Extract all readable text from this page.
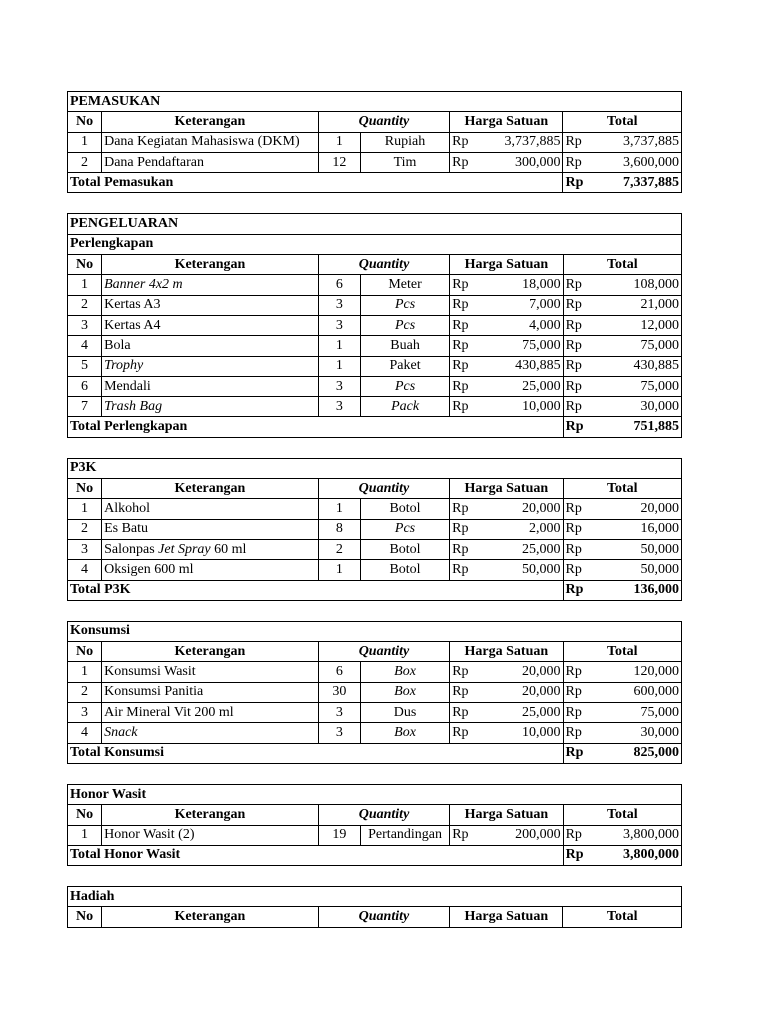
PEMASUKAN							
No	Keterangan	Quantity		Harga Satuan		Total	
1	Dana Kegiatan Mahasiswa (DKM)	1	Rupiah	Rp	3,737,885	Rp	3,737,885
2	Dana Pendaftaran	12	Tim	Rp	300,000	Rp	3,600,000
Total Pemasukan						Rp	7,337,885
PENGELUARAN							
Perlengkapan							
No	Keterangan	Quantity		Harga Satuan		Total	
1	Banner 4x2 m	6	Meter	Rp	18,000	Rp	108,000
2	Kertas A3	3	Pcs	Rp	7,000	Rp	21,000
3	Kertas A4	3	Pcs	Rp	4,000	Rp	12,000
4	Bola	1	Buah	Rp	75,000	Rp	75,000
5	Trophy	1	Paket	Rp	430,885	Rp	430,885
6	Mendali	3	Pcs	Rp	25,000	Rp	75,000
7	Trash Bag	3	Pack	Rp	10,000	Rp	30,000
Total Perlengkapan						Rp	751,885
P3K							
No	Keterangan	Quantity		Harga Satuan		Total	
1	Alkohol	1	Botol	Rp	20,000	Rp	20,000
2	Es Batu	8	Pcs	Rp	2,000	Rp	16,000
3	Salonpas Jet Spray 60 ml	2	Botol	Rp	25,000	Rp	50,000
4	Oksigen 600 ml	1	Botol	Rp	50,000	Rp	50,000
Total P3K						Rp	136,000
Konsumsi							
No	Keterangan	Quantity		Harga Satuan		Total	
1	Konsumsi Wasit	6	Box	Rp	20,000	Rp	120,000
2	Konsumsi Panitia	30	Box	Rp	20,000	Rp	600,000
3	Air Mineral Vit 200 ml	3	Dus	Rp	25,000	Rp	75,000
4	Snack	3	Box	Rp	10,000	Rp	30,000
Total Konsumsi						Rp	825,000
Honor Wasit							
No	Keterangan	Quantity		Harga Satuan		Total	
1	Honor Wasit (2)	19	Pertandingan	Rp	200,000	Rp	3,800,000
Total Honor Wasit						Rp	3,800,000
Hadiah
No	Keterangan	Quantity	Harga Satuan	Total
